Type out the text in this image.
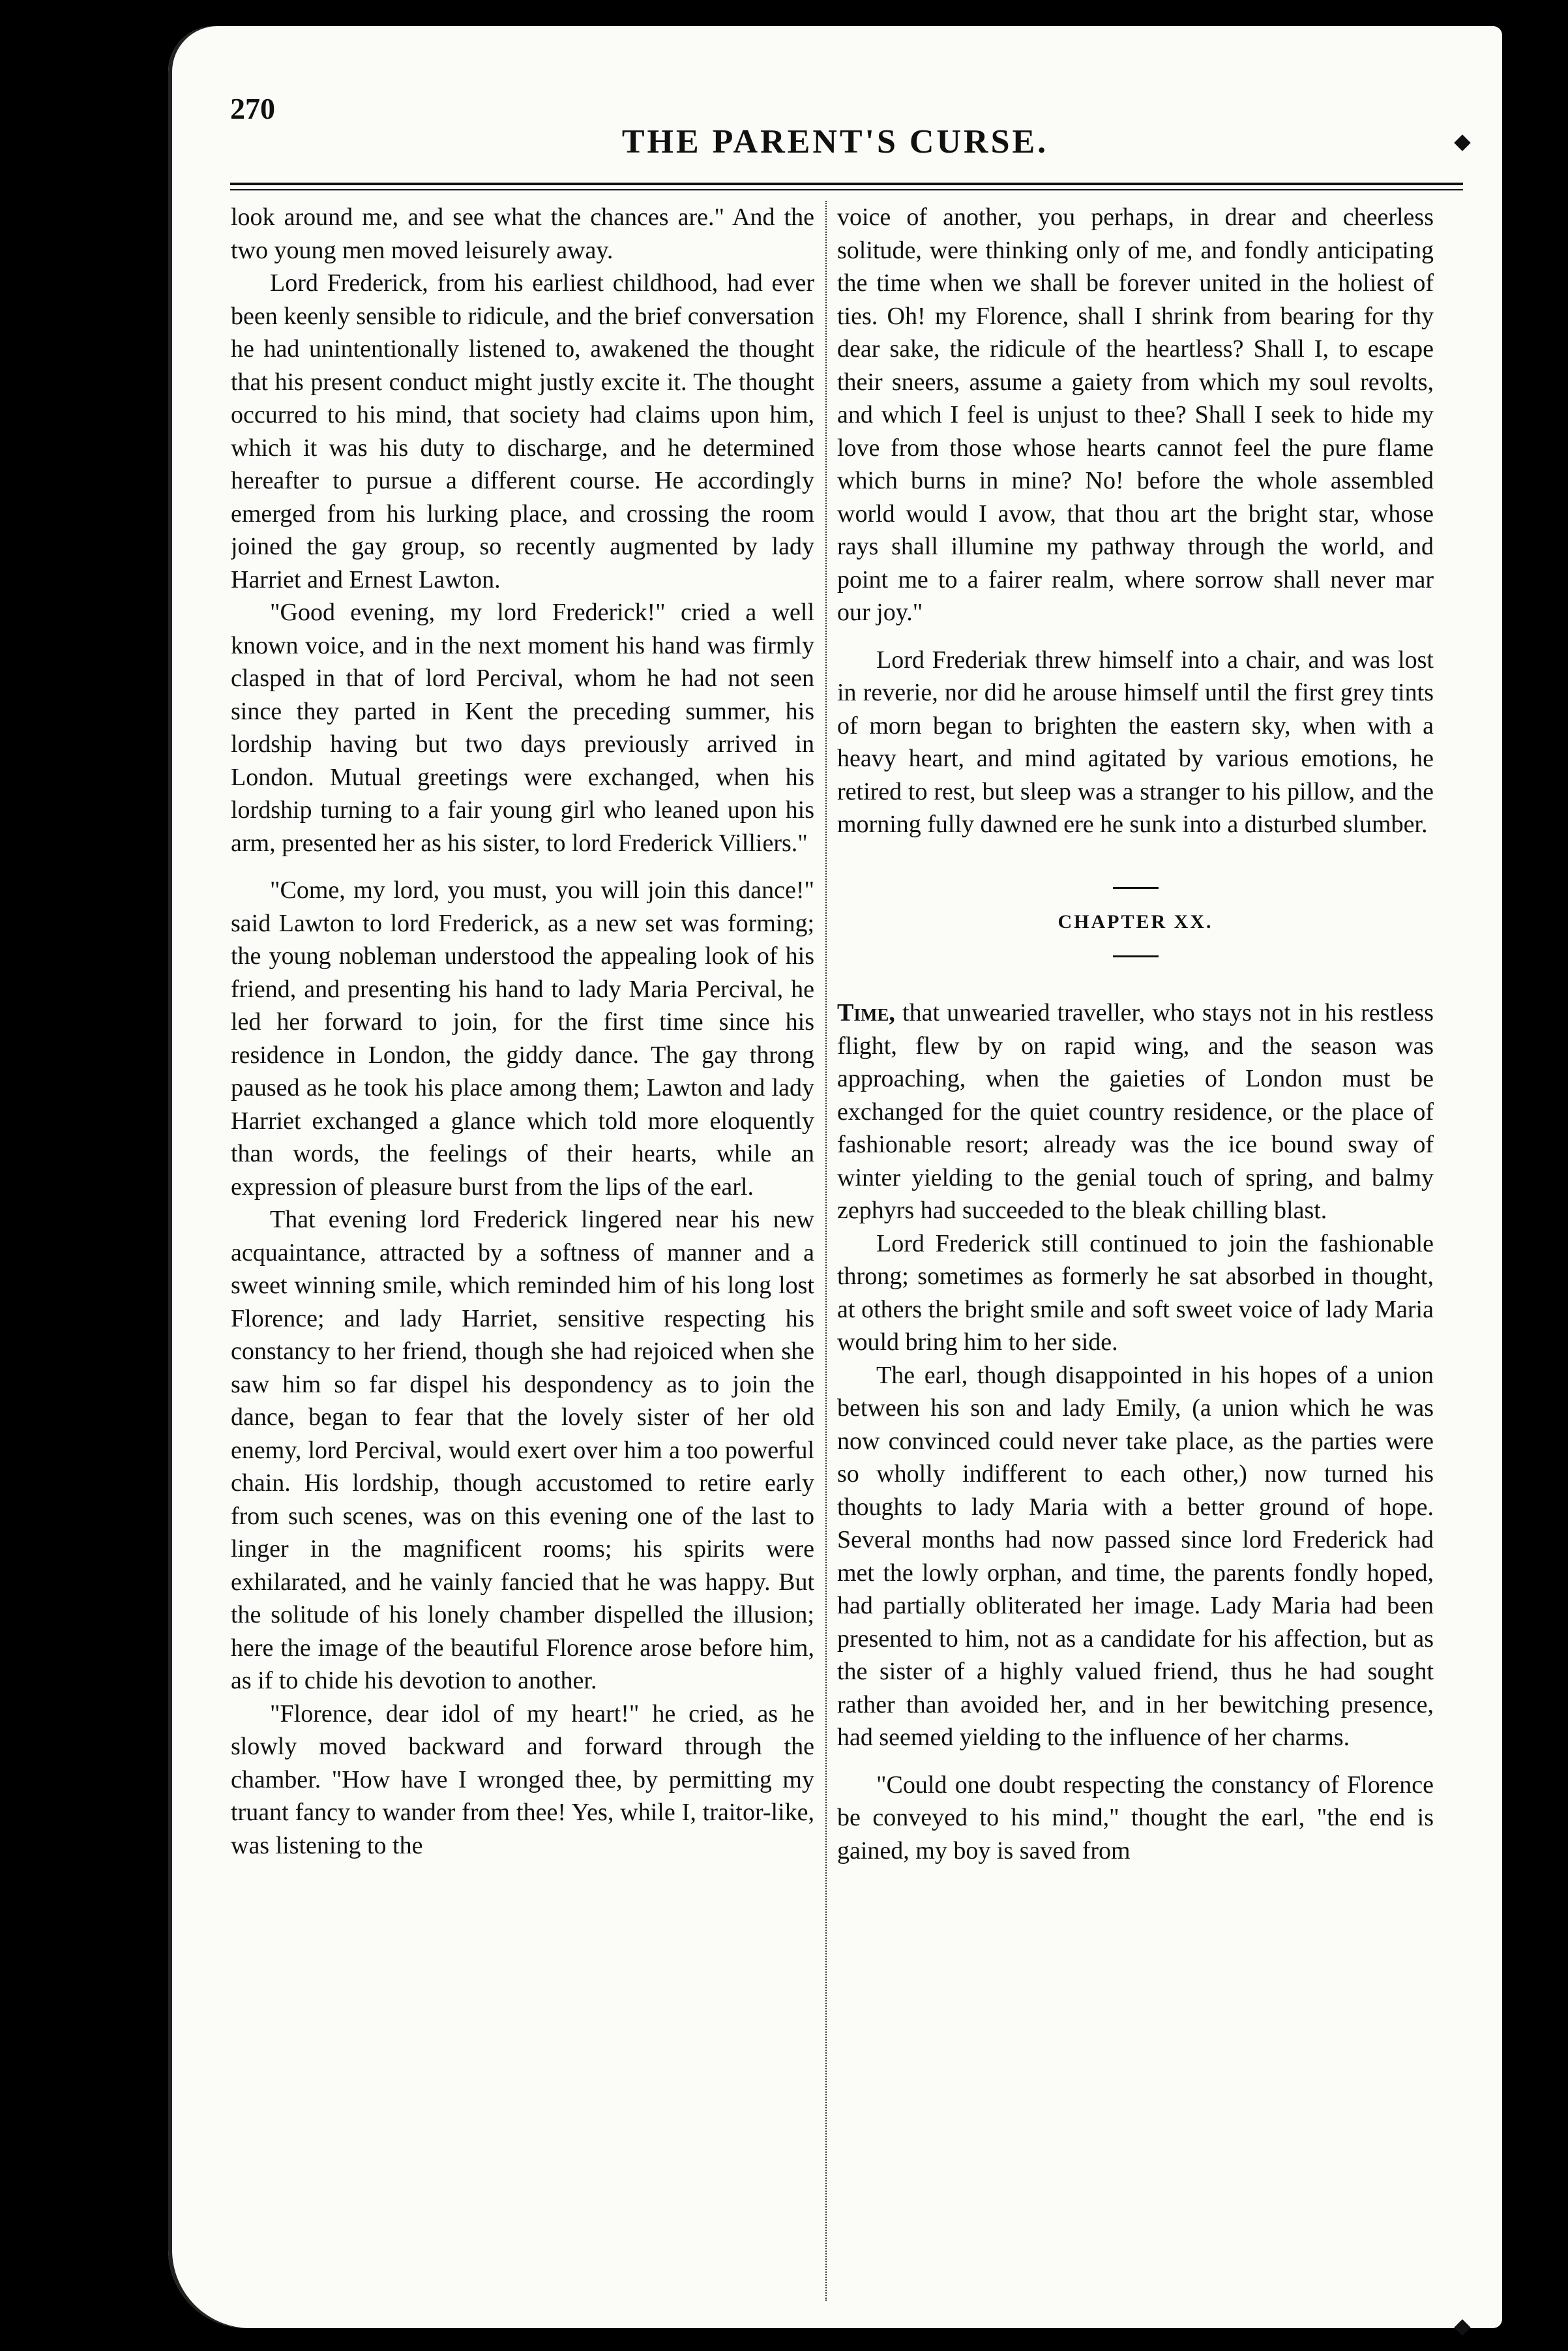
270
THE PARENT'S CURSE.

look around me, and see what the chances are." And the two young men moved leisurely away.

Lord Frederick, from his earliest childhood, had ever been keenly sensible to ridicule, and the brief conversation he had unintentionally listened to, awakened the thought that his present conduct might justly excite it. The thought occurred to his mind, that society had claims upon him, which it was his duty to discharge, and he determined hereafter to pursue a different course. He accordingly emerged from his lurking place, and crossing the room joined the gay group, so recently augmented by lady Harriet and Ernest Lawton.

"Good evening, my lord Frederick!" cried a well known voice, and in the next moment his hand was firmly clasped in that of lord Percival, whom he had not seen since they parted in Kent the preceding summer, his lordship having but two days previously arrived in London. Mutual greetings were exchanged, when his lordship turning to a fair young girl who leaned upon his arm, presented her as his sister, to lord Frederick Villiers."

"Come, my lord, you must, you will join this dance!" said Lawton to lord Frederick, as a new set was forming; the young nobleman understood the appealing look of his friend, and presenting his hand to lady Maria Percival, he led her forward to join, for the first time since his residence in London, the giddy dance. The gay throng paused as he took his place among them; Lawton and lady Harriet exchanged a glance which told more eloquently than words, the feelings of their hearts, while an expression of pleasure burst from the lips of the earl.

That evening lord Frederick lingered near his new acquaintance, attracted by a softness of manner and a sweet winning smile, which reminded him of his long lost Florence; and lady Harriet, sensitive respecting his constancy to her friend, though she had rejoiced when she saw him so far dispel his despondency as to join the dance, began to fear that the lovely sister of her old enemy, lord Percival, would exert over him a too powerful chain. His lordship, though accustomed to retire early from such scenes, was on this evening one of the last to linger in the magnificent rooms; his spirits were exhilarated, and he vainly fancied that he was happy. But the solitude of his lonely chamber dispelled the illusion; here the image of the beautiful Florence arose before him, as if to chide his devotion to another.

"Florence, dear idol of my heart!" he cried, as he slowly moved backward and forward through the chamber. "How have I wronged thee, by permitting my truant fancy to wander from thee! Yes, while I, traitor-like, was listening to the

voice of another, you perhaps, in drear and cheerless solitude, were thinking only of me, and fondly anticipating the time when we shall be forever united in the holiest of ties. Oh! my Florence, shall I shrink from bearing for thy dear sake, the ridicule of the heartless? Shall I, to escape their sneers, assume a gaiety from which my soul revolts, and which I feel is unjust to thee? Shall I seek to hide my love from those whose hearts cannot feel the pure flame which burns in mine? No! before the whole assembled world would I avow, that thou art the bright star, whose rays shall illumine my pathway through the world, and point me to a fairer realm, where sorrow shall never mar our joy."

Lord Frederiak threw himself into a chair, and was lost in reverie, nor did he arouse himself until the first grey tints of morn began to brighten the eastern sky, when with a heavy heart, and mind agitated by various emotions, he retired to rest, but sleep was a stranger to his pillow, and the morning fully dawned ere he sunk into a disturbed slumber.

CHAPTER XX.

Time, that unwearied traveller, who stays not in his restless flight, flew by on rapid wing, and the season was approaching, when the gaieties of London must be exchanged for the quiet country residence, or the place of fashionable resort; already was the ice bound sway of winter yielding to the genial touch of spring, and balmy zephyrs had succeeded to the bleak chilling blast.

Lord Frederick still continued to join the fashionable throng; sometimes as formerly he sat absorbed in thought, at others the bright smile and soft sweet voice of lady Maria would bring him to her side.

The earl, though disappointed in his hopes of a union between his son and lady Emily, (a union which he was now convinced could never take place, as the parties were so wholly indifferent to each other,) now turned his thoughts to lady Maria with a better ground of hope. Several months had now passed since lord Frederick had met the lowly orphan, and time, the parents fondly hoped, had partially obliterated her image. Lady Maria had been presented to him, not as a candidate for his affection, but as the sister of a highly valued friend, thus he had sought rather than avoided her, and in her bewitching presence, had seemed yielding to the influence of her charms.

"Could one doubt respecting the constancy of Florence be conveyed to his mind," thought the earl, "the end is gained, my boy is saved from
